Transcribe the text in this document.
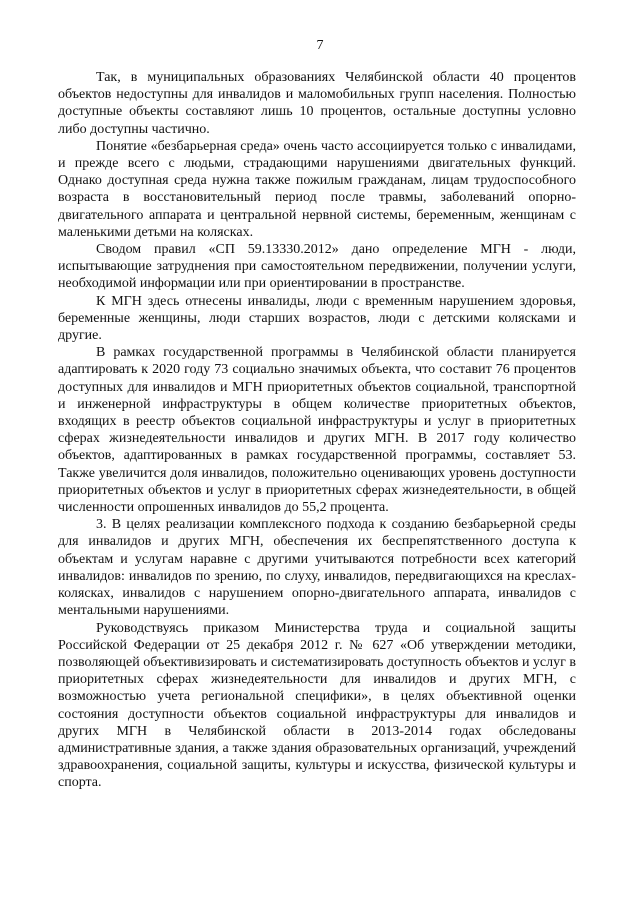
7

Так, в муниципальных образованиях Челябинской области 40 процентов объектов недоступны для инвалидов и маломобильных групп населения. Полностью доступные объекты составляют лишь 10 процентов, остальные доступны условно либо доступны частично.

Понятие «безбарьерная среда» очень часто ассоциируется только с инвалидами, и прежде всего с людьми, страдающими нарушениями двигательных функций. Однако доступная среда нужна также пожилым гражданам, лицам трудоспособного возраста в восстановительный период после травмы, заболеваний опорно-двигательного аппарата и центральной нервной системы, беременным, женщинам с маленькими детьми на колясках.

Сводом правил «СП 59.13330.2012» дано определение МГН - люди, испытывающие затруднения при самостоятельном передвижении, получении услуги, необходимой информации или при ориентировании в пространстве.

К МГН здесь отнесены инвалиды, люди с временным нарушением здоровья, беременные женщины, люди старших возрастов, люди с детскими колясками и другие.

В рамках государственной программы в Челябинской области планируется адаптировать к 2020 году 73 социально значимых объекта, что составит 76 процентов доступных для инвалидов и МГН приоритетных объектов социальной, транспортной и инженерной инфраструктуры в общем количестве приоритетных объектов, входящих в реестр объектов социальной инфраструктуры и услуг в приоритетных сферах жизнедеятельности инвалидов и других МГН. В 2017 году количество объектов, адаптированных в рамках государственной программы, составляет 53. Также увеличится доля инвалидов, положительно оценивающих уровень доступности приоритетных объектов и услуг в приоритетных сферах жизнедеятельности, в общей численности опрошенных инвалидов до 55,2 процента.

3. В целях реализации комплексного подхода к созданию безбарьерной среды для инвалидов и других МГН, обеспечения их беспрепятственного доступа к объектам и услугам наравне с другими учитываются потребности всех категорий инвалидов: инвалидов по зрению, по слуху, инвалидов, передвигающихся на креслах-колясках, инвалидов с нарушением опорно-двигательного аппарата, инвалидов с ментальными нарушениями.

Руководствуясь приказом Министерства труда и социальной защиты Российской Федерации от 25 декабря 2012 г. № 627 «Об утверждении методики, позволяющей объективизировать и систематизировать доступность объектов и услуг в приоритетных сферах жизнедеятельности для инвалидов и других МГН, с возможностью учета региональной специфики», в целях объективной оценки состояния доступности объектов социальной инфраструктуры для инвалидов и других МГН в Челябинской области в 2013-2014 годах обследованы административные здания, а также здания образовательных организаций, учреждений здравоохранения, социальной защиты, культуры и искусства, физической культуры и спорта.
